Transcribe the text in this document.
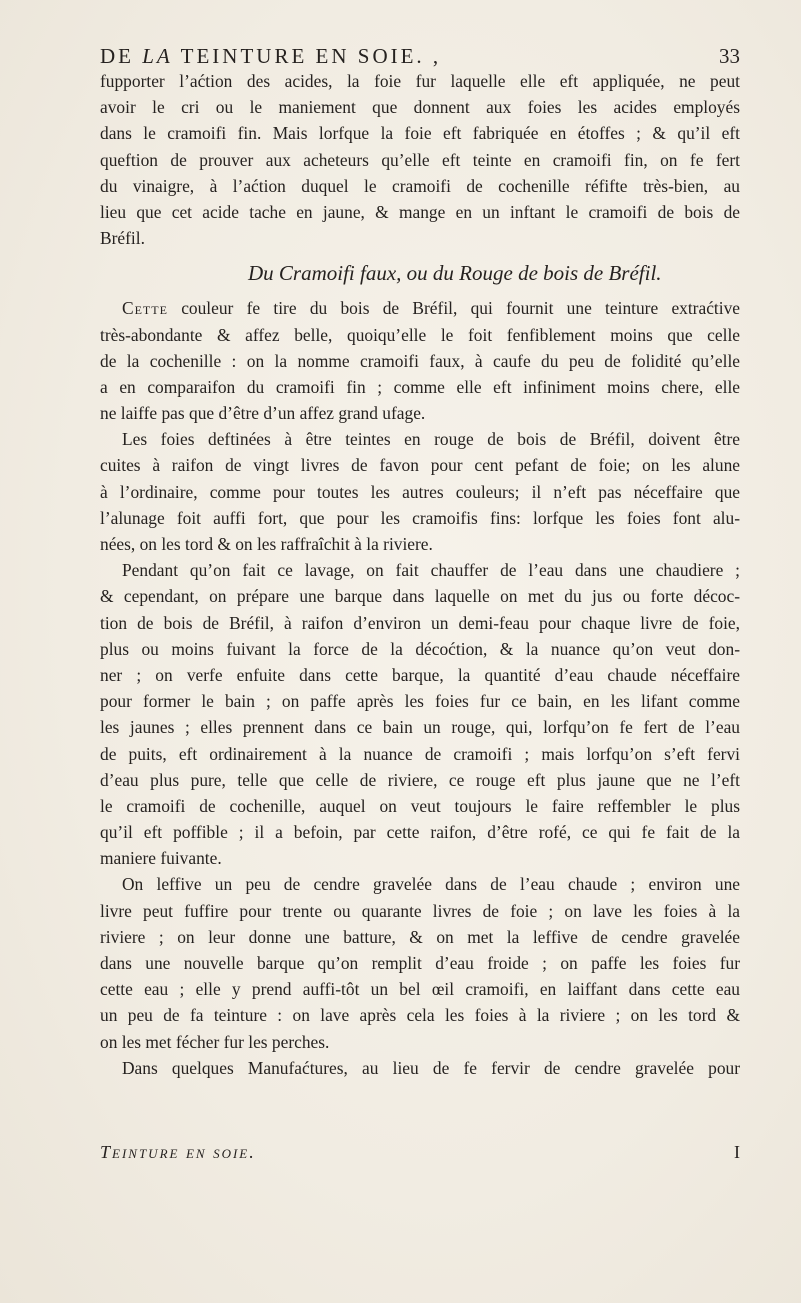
DE LA TEINTURE EN SOIE. ,	33
fupporter l’aćtion des acides, la foie fur laquelle elle eft appliquée, ne peut
avoir le cri ou le maniement que donnent aux foies les acides employés
dans le cramoifi fin. Mais lorfque la foie eft fabriquée en étoffes ; & qu’il eft
queftion de prouver aux acheteurs qu’elle eft teinte en cramoifi fin, on fe fert
du vinaigre, à l’aćtion duquel le cramoifi de cochenille réfifte très-bien, au
lieu que cet acide tache en jaune, & mange en un inftant le cramoifi de bois de
Bréfil.
Du Cramoifi faux, ou du Rouge de bois de Bréfil.
Cette couleur fe tire du bois de Bréfil, qui fournit une teinture extraćtive
très-abondante & affez belle, quoiqu’elle le foit fenfiblement moins que celle
de la cochenille : on la nomme cramoifi faux, à caufe du peu de folidité qu’elle
a en comparaifon du cramoifi fin ; comme elle eft infiniment moins chere, elle
ne laiffe pas que d’être d’un affez grand ufage.
Les foies deftinées à être teintes en rouge de bois de Bréfil, doivent être
cuites à raifon de vingt livres de favon pour cent pefant de foie; on les alune
à l’ordinaire, comme pour toutes les autres couleurs; il n’eft pas néceffaire que
l’alunage foit auffi fort, que pour les cramoifis fins: lorfque les foies font alu-
nées, on les tord & on les raffraîchit à la riviere.
Pendant qu’on fait ce lavage, on fait chauffer de l’eau dans une chaudiere ;
& cependant, on prépare une barque dans laquelle on met du jus ou forte décoc-
tion de bois de Bréfil, à raifon d’environ un demi-feau pour chaque livre de foie,
plus ou moins fuivant la force de la décoćtion, & la nuance qu’on veut don-
ner ; on verfe enfuite dans cette barque, la quantité d’eau chaude néceffaire
pour former le bain ; on paffe après les foies fur ce bain, en les lifant comme
les jaunes ; elles prennent dans ce bain un rouge, qui, lorfqu’on fe fert de l’eau
de puits, eft ordinairement à la nuance de cramoifi ; mais lorfqu’on s’eft fervi
d’eau plus pure, telle que celle de riviere, ce rouge eft plus jaune que ne l’eft
le cramoifi de cochenille, auquel on veut toujours le faire reffembler le plus
qu’il eft poffible ; il a befoin, par cette raifon, d’être rofé, ce qui fe fait de la
maniere fuivante.
On leffive un peu de cendre gravelée dans de l’eau chaude ; environ une
livre peut fuffire pour trente ou quarante livres de foie ; on lave les foies à la
riviere ; on leur donne une batture, & on met la leffive de cendre gravelée
dans une nouvelle barque qu’on remplit d’eau froide ; on paffe les foies fur
cette eau ; elle y prend auffi-tôt un bel œil cramoifi, en laiffant dans cette eau
un peu de fa teinture : on lave après cela les foies à la riviere ; on les tord &
on les met fécher fur les perches.
Dans quelques Manufaćtures, au lieu de fe fervir de cendre gravelée pour
Teinture en soie.	I
